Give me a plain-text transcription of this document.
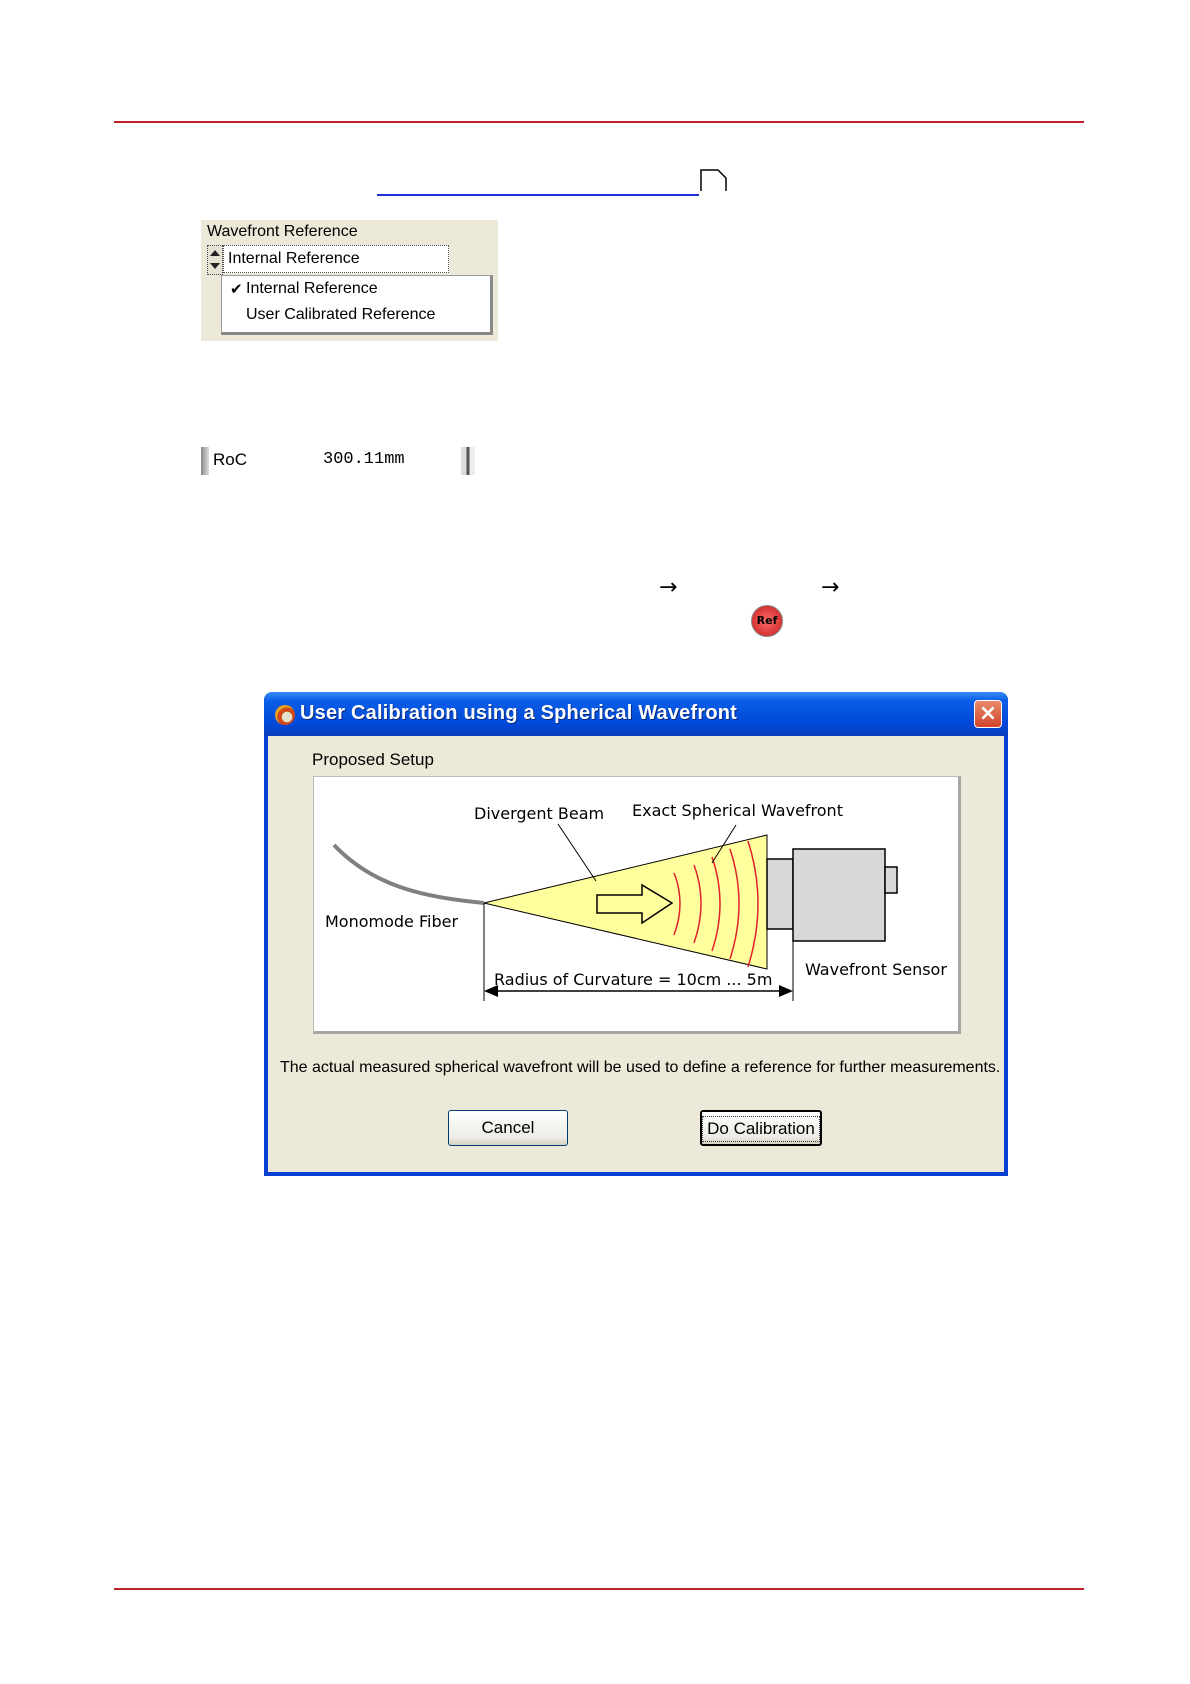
Wavefront Reference
Internal Reference
✔ Internal Reference
User Calibrated Reference
RoC	300.11mm
→	→
Ref
User Calibration using a Spherical Wavefront	×
Proposed Setup
Divergent Beam Exact Spherical Wavefront
Monomode Fiber
Wavefront Sensor
Radius of Curvature = 10cm ... 5m
The actual measured spherical wavefront will be used to define a reference for further measurements.
Cancel	Do Calibration
